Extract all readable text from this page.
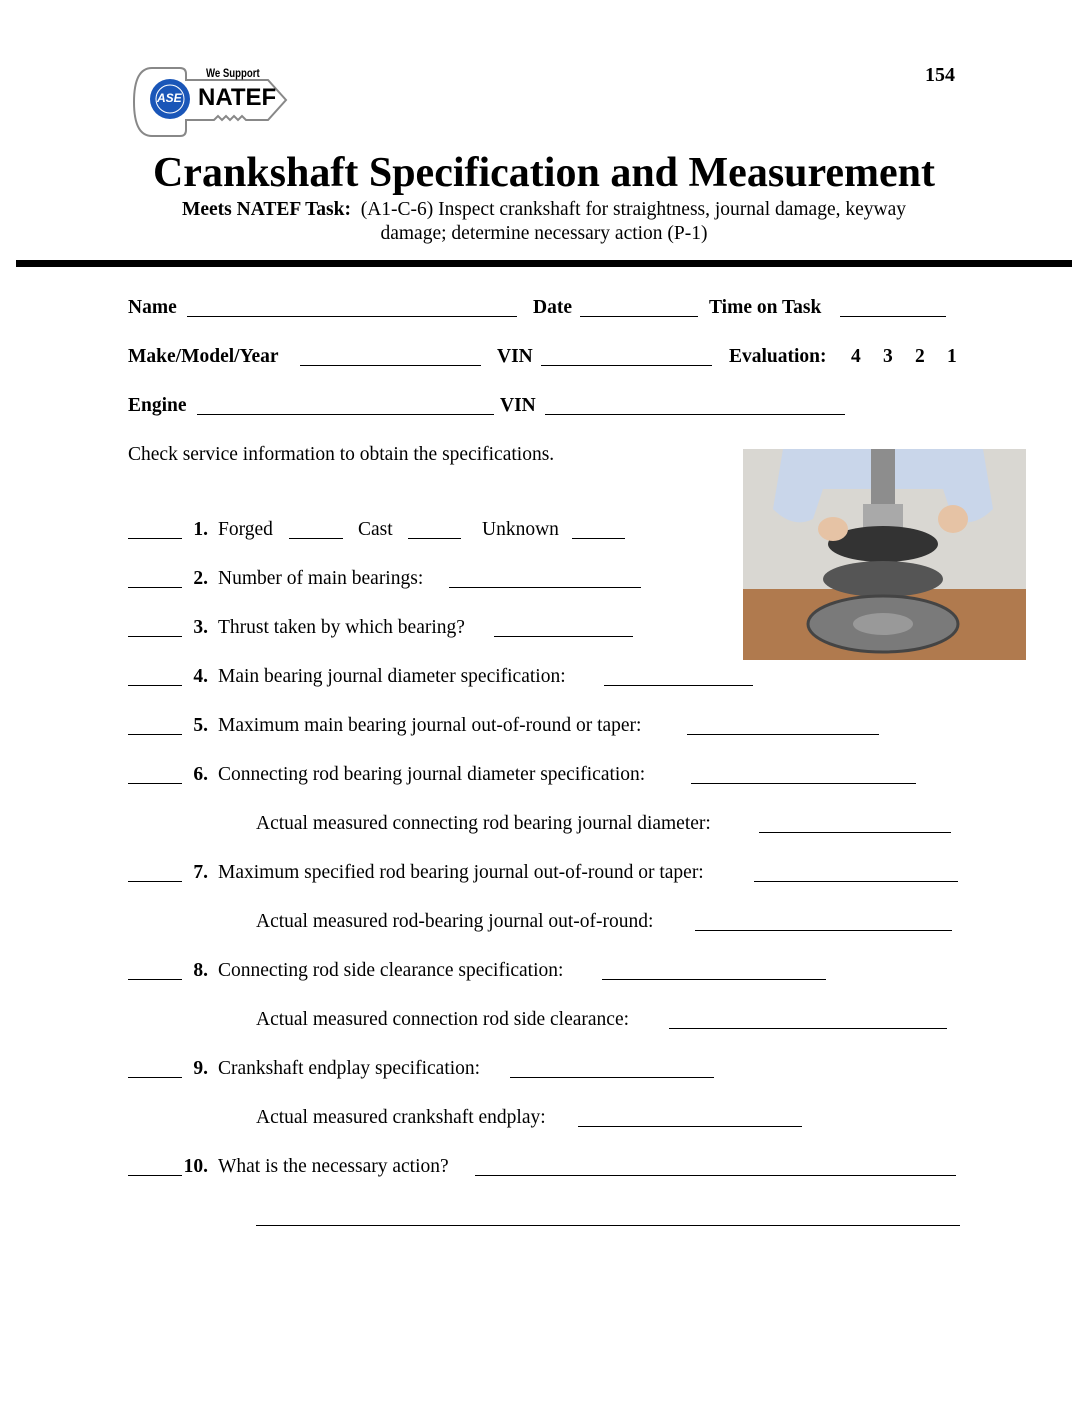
ASE
We Support
NATEF
154
Crankshaft Specification and Measurement
Meets NATEF Task: (A1-C-6) Inspect crankshaft for straightness, journal damage, keyway
damage; determine necessary action (P-1)
Name	Date	Time on Task
Make/Model/Year	VIN	Evaluation: 4 3 2 1
Engine	VIN
Check service information to obtain the specifications.
1. Forged	Cast	Unknown
2. Number of main bearings:
3. Thrust taken by which bearing?
4. Main bearing journal diameter specification:
5. Maximum main bearing journal out-of-round or taper:
6. Connecting rod bearing journal diameter specification:
Actual measured connecting rod bearing journal diameter:
7. Maximum specified rod bearing journal out-of-round or taper:
Actual measured rod-bearing journal out-of-round:
8. Connecting rod side clearance specification:
Actual measured connection rod side clearance:
9. Crankshaft endplay specification:
Actual measured crankshaft endplay:
10. What is the necessary action?
